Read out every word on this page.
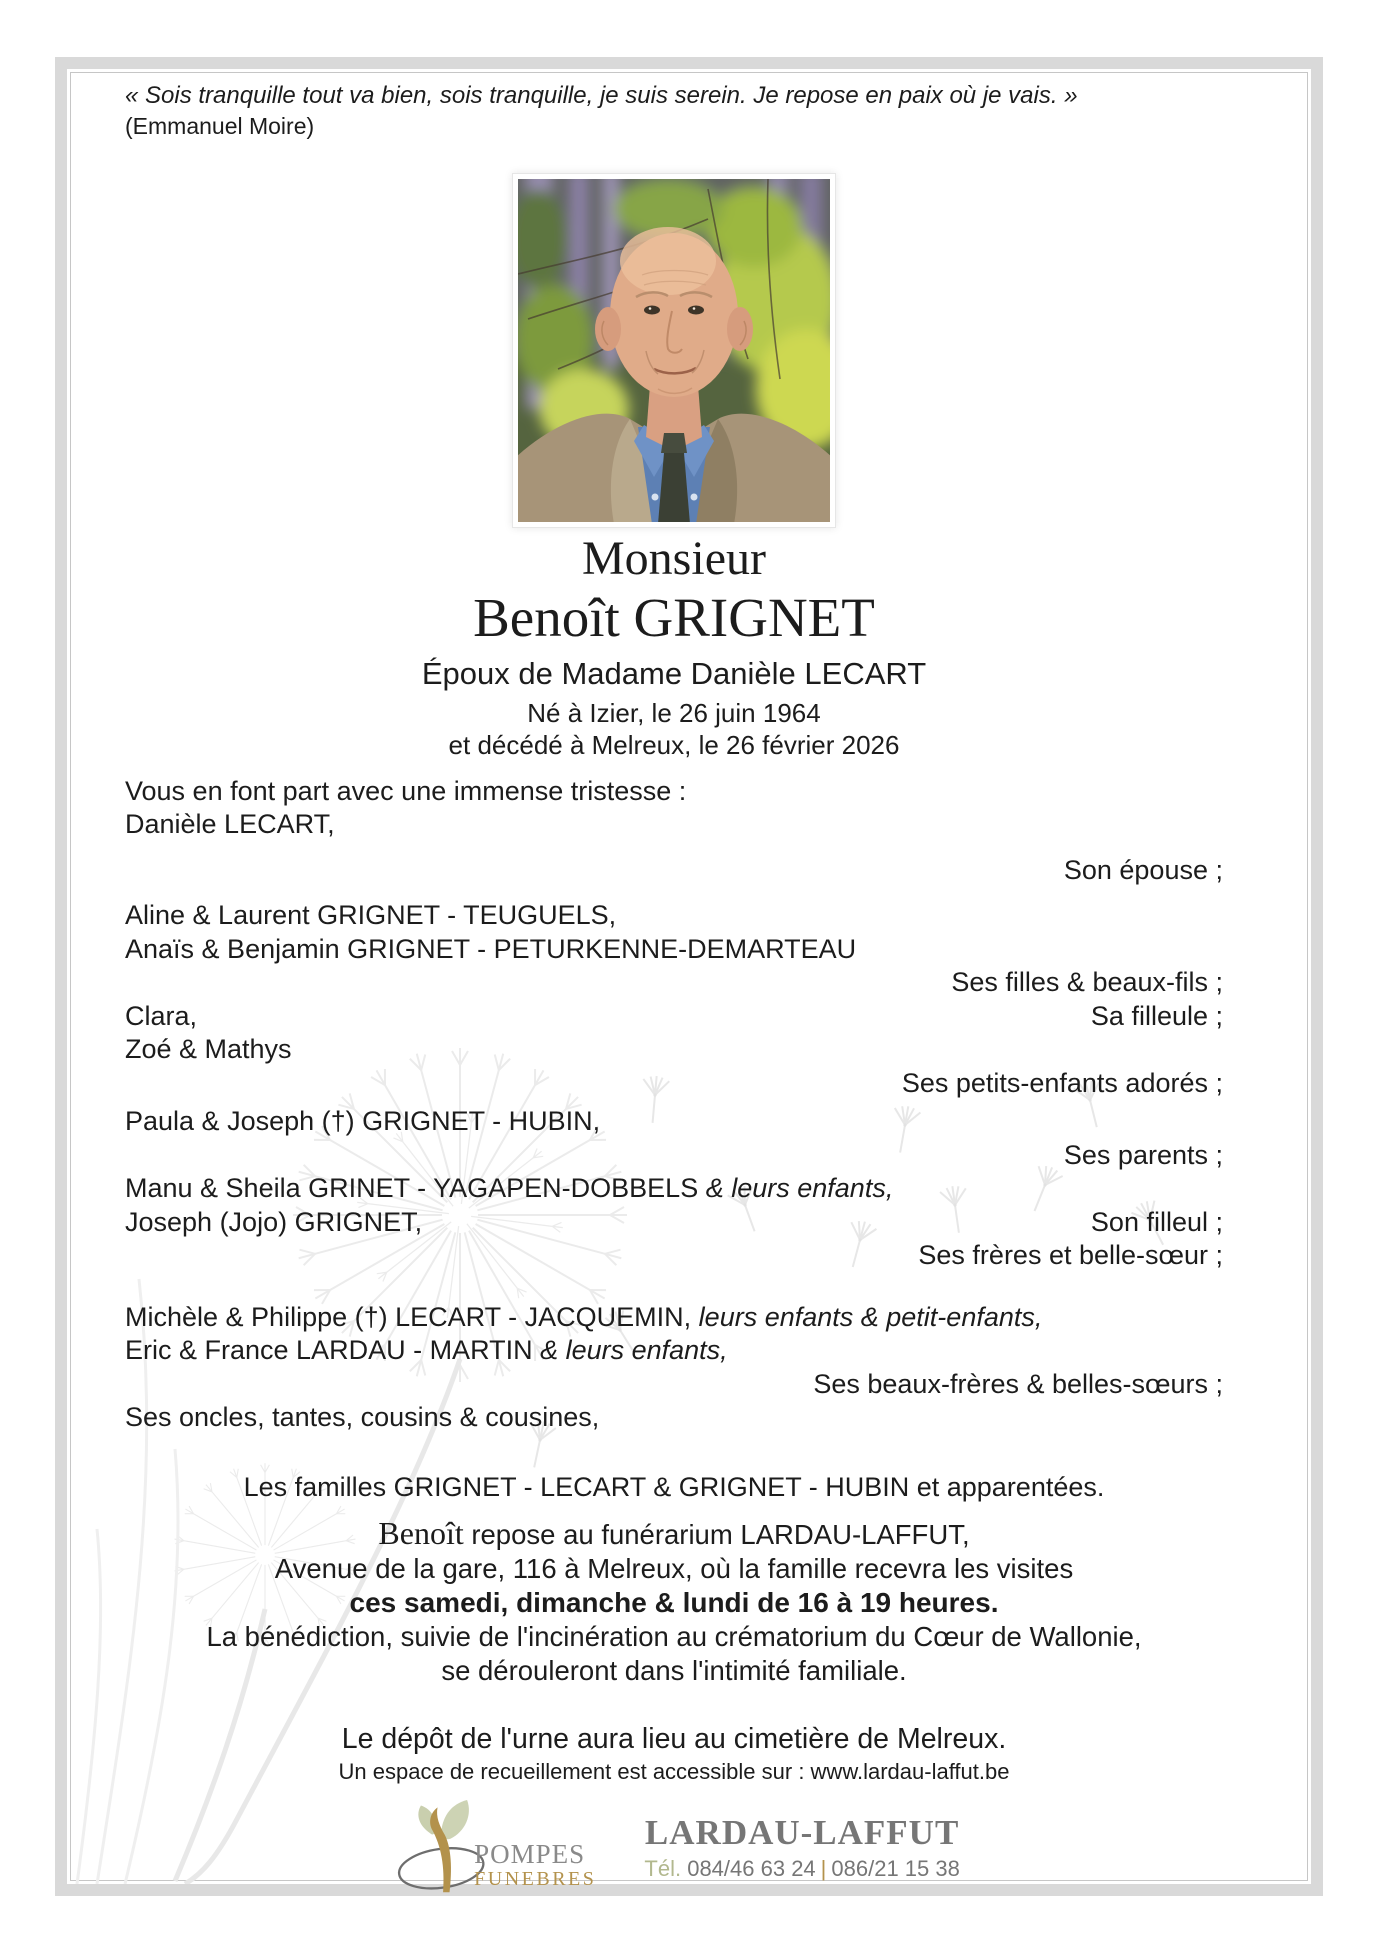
« Sois tranquille tout va bien, sois tranquille, je suis serein. Je repose en paix où je vais. »
(Emmanuel Moire)
Monsieur
Benoît GRIGNET
Époux de Madame Danièle LECART
Né à Izier, le 26 juin 1964
et décédé à Melreux, le 26 février 2026
Vous en font part avec une immense tristesse :
Danièle LECART,
Son épouse ;
Aline & Laurent GRIGNET - TEUGUELS,
Anaïs & Benjamin GRIGNET - PETURKENNE-DEMARTEAU
Ses filles & beaux-fils ;
Clara,	Sa filleule ;
Zoé & Mathys
Ses petits-enfants adorés ;
Paula & Joseph (†) GRIGNET - HUBIN,
Ses parents ;
Manu & Sheila GRINET - YAGAPEN-DOBBELS & leurs enfants,
Joseph (Jojo) GRIGNET,	Son filleul ;
Ses frères et belle-sœur ;
Michèle & Philippe (†) LECART - JACQUEMIN, leurs enfants & petit-enfants,
Eric & France LARDAU - MARTIN & leurs enfants,
Ses beaux-frères & belles-sœurs ;
Ses oncles, tantes, cousins & cousines,
Les familles GRIGNET - LECART & GRIGNET - HUBIN et apparentées.
Benoît repose au funérarium LARDAU-LAFFUT,
Avenue de la gare, 116 à Melreux, où la famille recevra les visites
ces samedi, dimanche & lundi de 16 à 19 heures.
La bénédiction, suivie de l'incinération au crématorium du Cœur de Wallonie,
se dérouleront dans l'intimité familiale.
Le dépôt de l'urne aura lieu au cimetière de Melreux.
Un espace de recueillement est accessible sur : www.lardau-laffut.be
POMPES
FUNEBRES
LARDAU-LAFFUT
Tél. 084/46 63 24 | 086/21 15 38
